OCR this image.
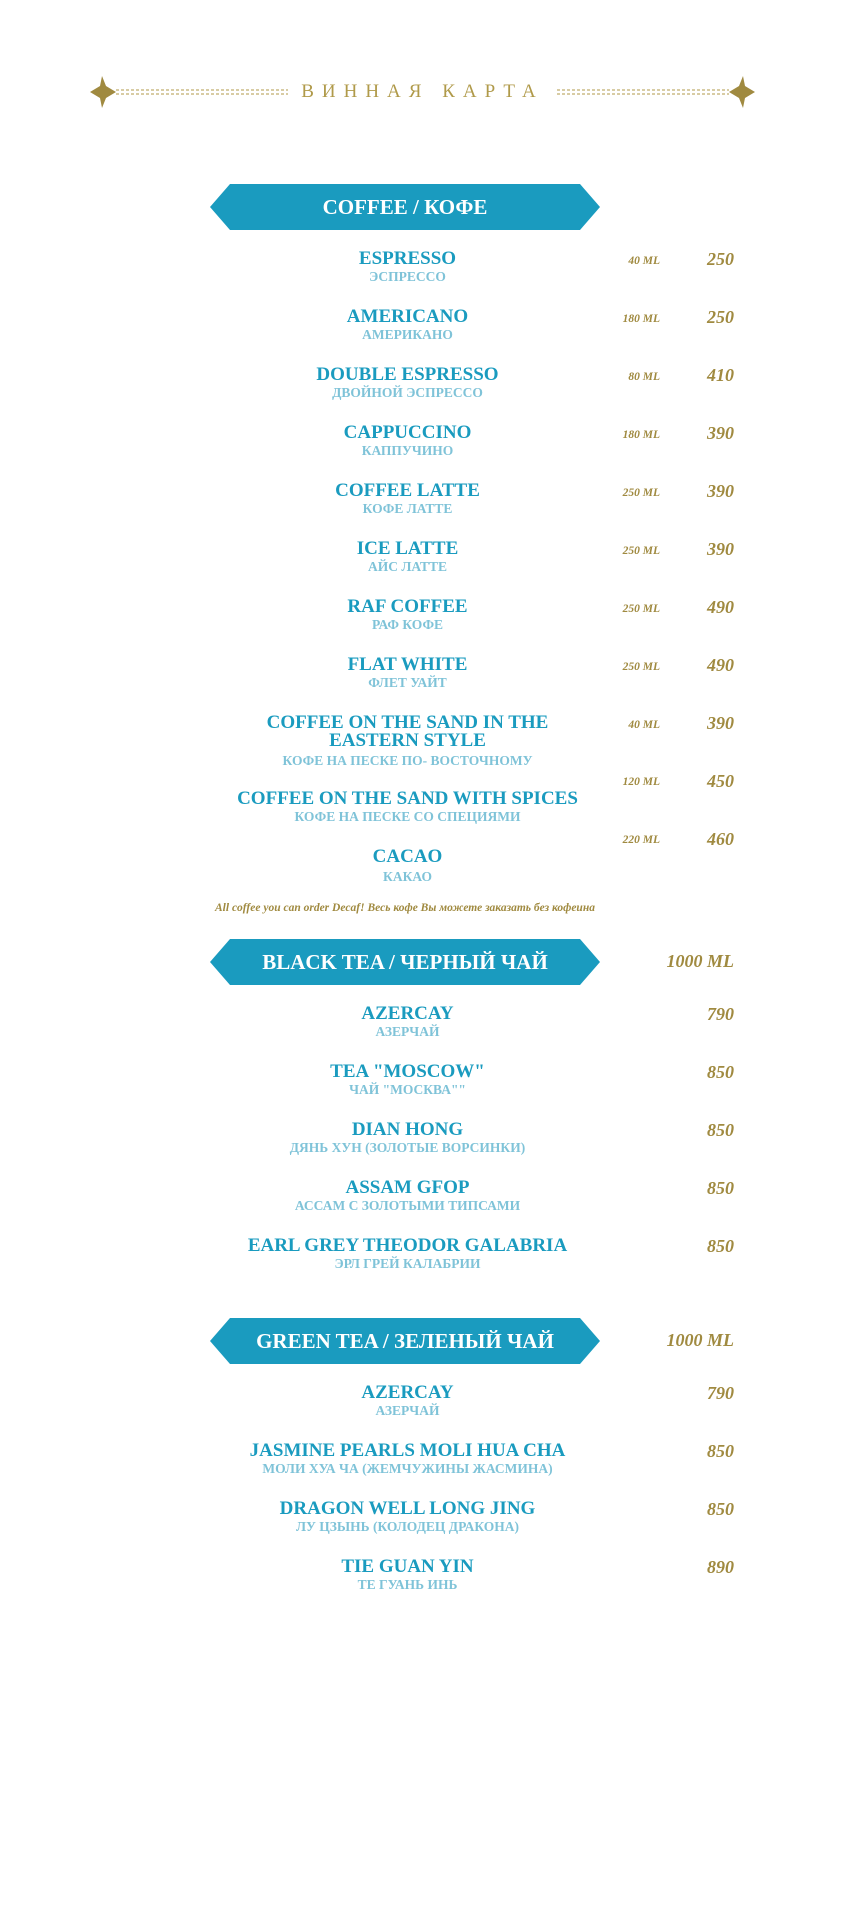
ВИННАЯ КАРТА
COFFEE / КОФЕ
1000 ML
ESPRESSO
ЭСПРЕССО
40 ML	250
AMERICANO
АМЕРИКАНО
180 ML	250
DOUBLE ESPRESSO
ДВОЙНОЙ ЭСПРЕССО
80 ML	410
CAPPUCCINO
КАППУЧИНО
180 ML	390
COFFEE LATTE
КОФЕ ЛАТТЕ
250 ML	390
ICE LATTE
АЙС ЛАТТЕ
250 ML	390
RAF COFFEE
РАФ КОФЕ
250 ML	490
FLAT WHITE
ФЛЕТ УАЙТ
250 ML	490
COFFEE ON THE SAND IN THE EASTERN STYLE
КОФЕ НА ПЕСКЕ ПО- ВОСТОЧНОМУ
40 ML	390
COFFEE ON THE SAND WITH SPICES
КОФЕ НА ПЕСКЕ СО СПЕЦИЯМИ
120 ML	450
CACAO
КАКАО
220 ML	460
All coffee you can order Decaf! Весь кофе Вы можете заказать без кофеина
BLACK TEA / ЧЕРНЫЙ ЧАЙ
AZERCAY
АЗЕРЧАЙ
790
TEA "MOSCOW"
ЧАЙ "МОСКВА""
850
DIAN HONG
ДЯНЬ ХУН (ЗОЛОТЫЕ ВОРСИНКИ)
850
ASSAM GFOP
АССАМ С ЗОЛОТЫМИ ТИПСАМИ
850
EARL GREY THEODOR GALABRIA
ЭРЛ ГРЕЙ КАЛАБРИИ
850
GREEN TEA / ЗЕЛЕНЫЙ ЧАЙ	1000 ML
AZERCAY
АЗЕРЧАЙ
790
JASMINE PEARLS MOLI HUA CHA
МОЛИ ХУА ЧА (ЖЕМЧУЖИНЫ ЖАСМИНА)
850
DRAGON WELL LONG JING
ЛУ ЦЗЫНЬ (КОЛОДЕЦ ДРАКОНА)
850
TIE GUAN YIN
ТЕ ГУАНЬ ИНЬ
890
